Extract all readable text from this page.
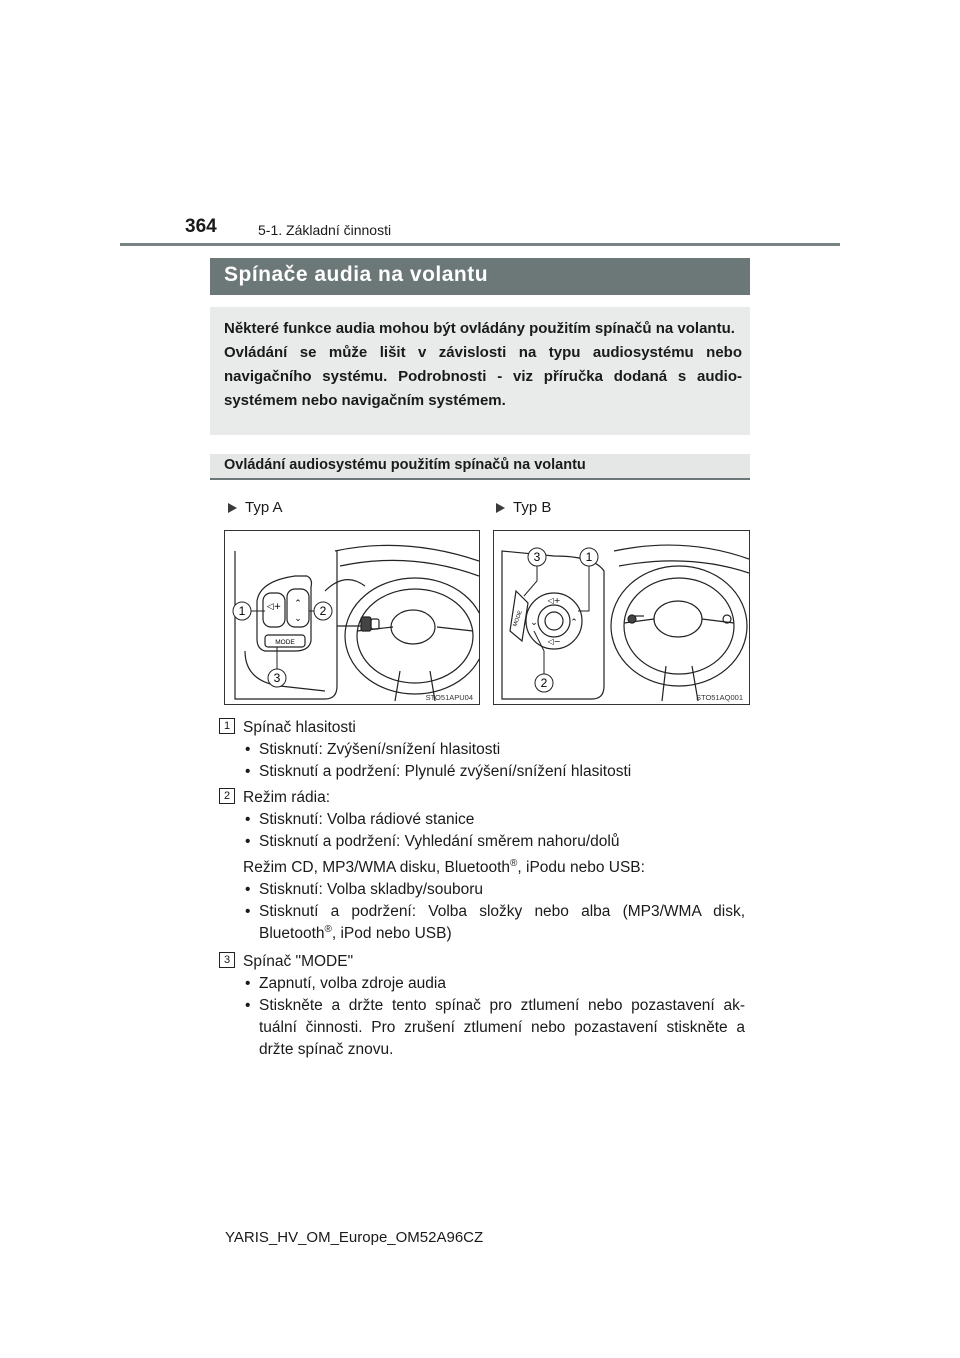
364	5-1. Základní činnosti
Spínače audia na volantu

Některé funkce audia mohou být ovládány použitím spínačů na volantu.

Ovládání se může lišit v závislosti na typu audiosystému nebo navigačního systému. Podrobnosti - viz příručka dodaná s audio- systémem nebo navigačním systémem.

Ovládání audiosystému použitím spínačů na volantu
Typ A	Typ B
◁+ ⌃
⌄
MODE
1	2
3
STO51APU04
◁+
◁−
⌄	⌃
MODE
3	1
2
STO51AQ001
1 Spínač hlasitosti
• Stisknutí: Zvýšení/snížení hlasitosti
• Stisknutí a podržení: Plynulé zvýšení/snížení hlasitosti
2 Režim rádia:
• Stisknutí: Volba rádiové stanice
• Stisknutí a podržení: Vyhledání směrem nahoru/dolů
Režim CD, MP3/WMA disku, Bluetooth®, iPodu nebo USB:
• Stisknutí: Volba skladby/souboru
• Stisknutí a podržení: Volba složky nebo alba (MP3/WMA disk, Bluetooth®, iPod nebo USB)
3 Spínač "MODE"
• Zapnutí, volba zdroje audia
• Stiskněte a držte tento spínač pro ztlumení nebo pozastavení ak- tuální činnosti. Pro zrušení ztlumení nebo pozastavení stiskněte a držte spínač znovu.
YARIS_HV_OM_Europe_OM52A96CZ
